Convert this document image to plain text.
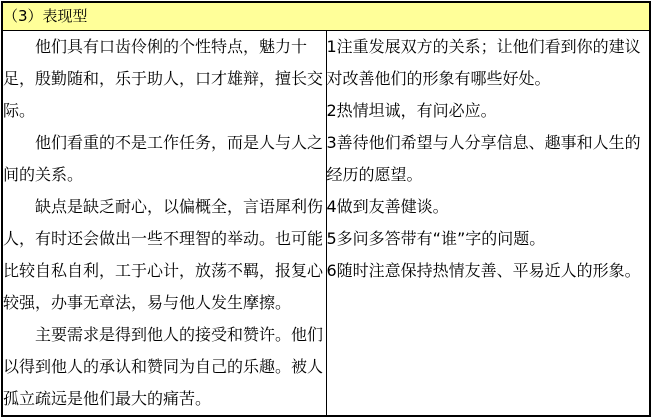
（3）表现型

他们具有口齿伶俐的个性特点，魅力十足，殷勤随和，乐于助人，口才雄辩，擅长交际。

他们看重的不是工作任务，而是人与人之间的关系。

缺点是缺乏耐心，以偏概全，言语犀利伤人，有时还会做出一些不理智的举动。也可能比较自私自利，工于心计，放荡不羁，报复心较强，办事无章法，易与他人发生摩擦。

主要需求是得到他人的接受和赞许。他们以得到他人的承认和赞同为自己的乐趣。被人孤立疏远是他们最大的痛苦。

1注重发展双方的关系；让他们看到你的建议对改善他们的形象有哪些好处。

2热情坦诚，有问必应。

3善待他们希望与人分享信息、趣事和人生的经历的愿望。

4做到友善健谈。

5多问多答带有“谁”字的问题。

6随时注意保持热情友善、平易近人的形象。
